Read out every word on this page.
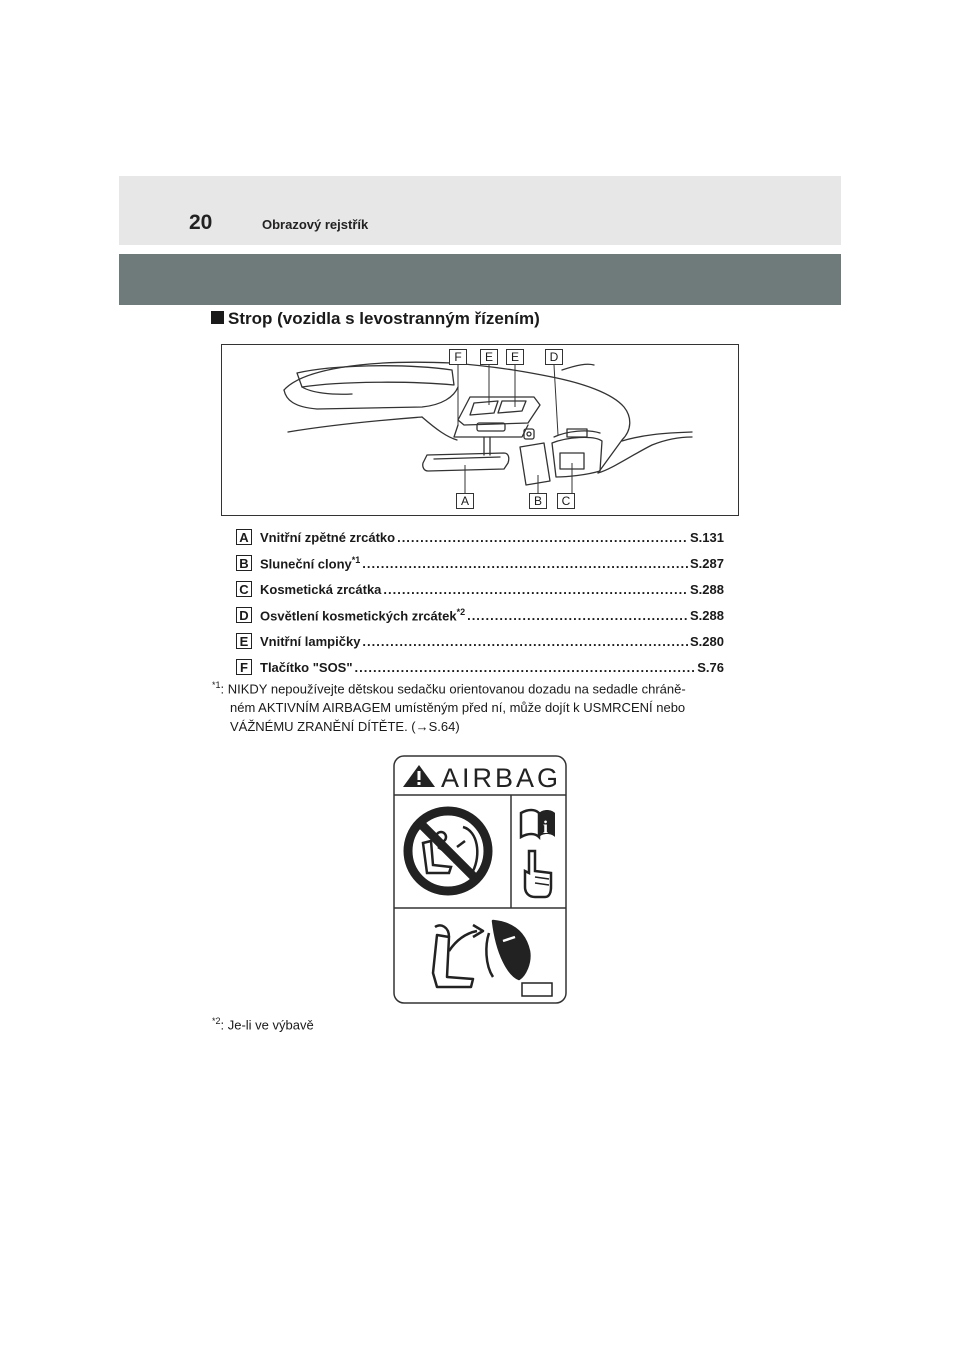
20	Obrazový rejstřík
Strop (vozidla s levostranným řízením)
F	E	E	D
A	B	C
A Vnitřní zpětné zrcátko .....	S.131
B Sluneční clony$^{*1}$ .....	S.287
C Kosmetická zrcátka .....	S.288
D Osvětlení kosmetických zrcátek$^{*2}$ .....	S.288
E Vnitřní lampičky .....	S.280
F Tlačítko "SOS" .....	S.76
$^{*1}$: NIKDY nepoužívejte dětskou sedačku orientovanou dozadu na sedadle chráně-
ném AKTIVNÍM AIRBAGEM umístěným před ní, může dojít k USMRCENÍ nebo
VÁŽNÉMU ZRANĚNÍ DÍTĚTE. (→S.64)
AIRBAG
i
$^{*2}$: Je-li ve výbavě
